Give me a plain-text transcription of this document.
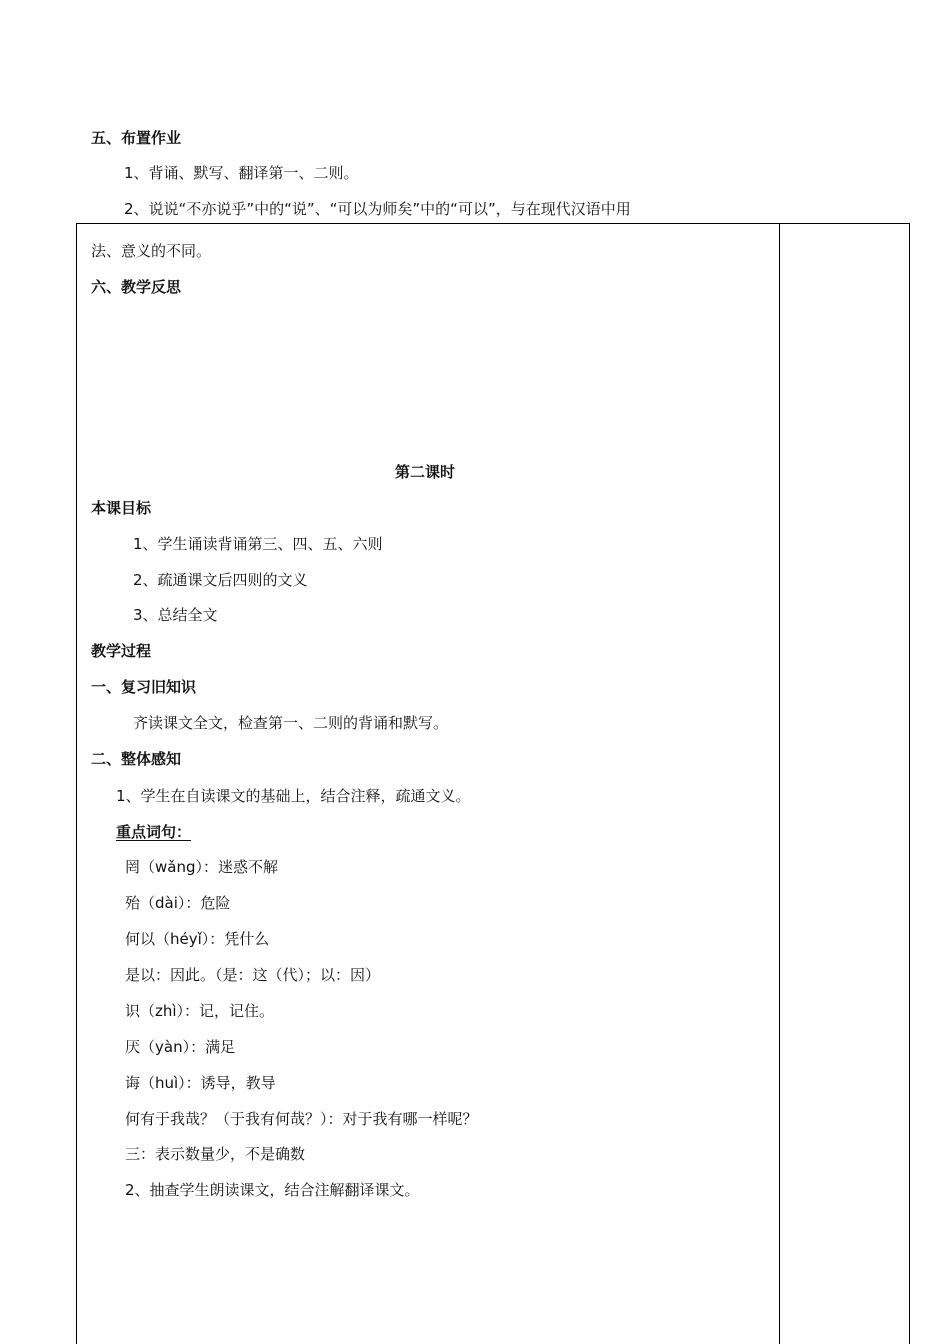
五、布置作业
1、背诵、默写、翻译第一、二则。
2、说说“不亦说乎”中的“说”、“可以为师矣”中的“可以”，与在现代汉语中用
法、意义的不同。
六、教学反思
第二课时
本课目标
1、学生诵读背诵第三、四、五、六则
2、疏通课文后四则的文义
3、总结全文
教学过程
一、复习旧知识
齐读课文全文，检查第一、二则的背诵和默写。
二、整体感知
1、学生在自读课文的基础上，结合注释，疏通文义。
重点词句：
罔（wǎng）：迷惑不解
殆（dài）：危险
何以（héyǐ）：凭什么
是以：因此。（是：这（代）；以：因）
识（zhì）：记，记住。
厌（yàn）：满足
诲（huì）：诱导，教导
何有于我哉？（于我有何哉？）：对于我有哪一样呢？
三：表示数量少，不是确数
2、抽查学生朗读课文，结合注解翻译课文。
